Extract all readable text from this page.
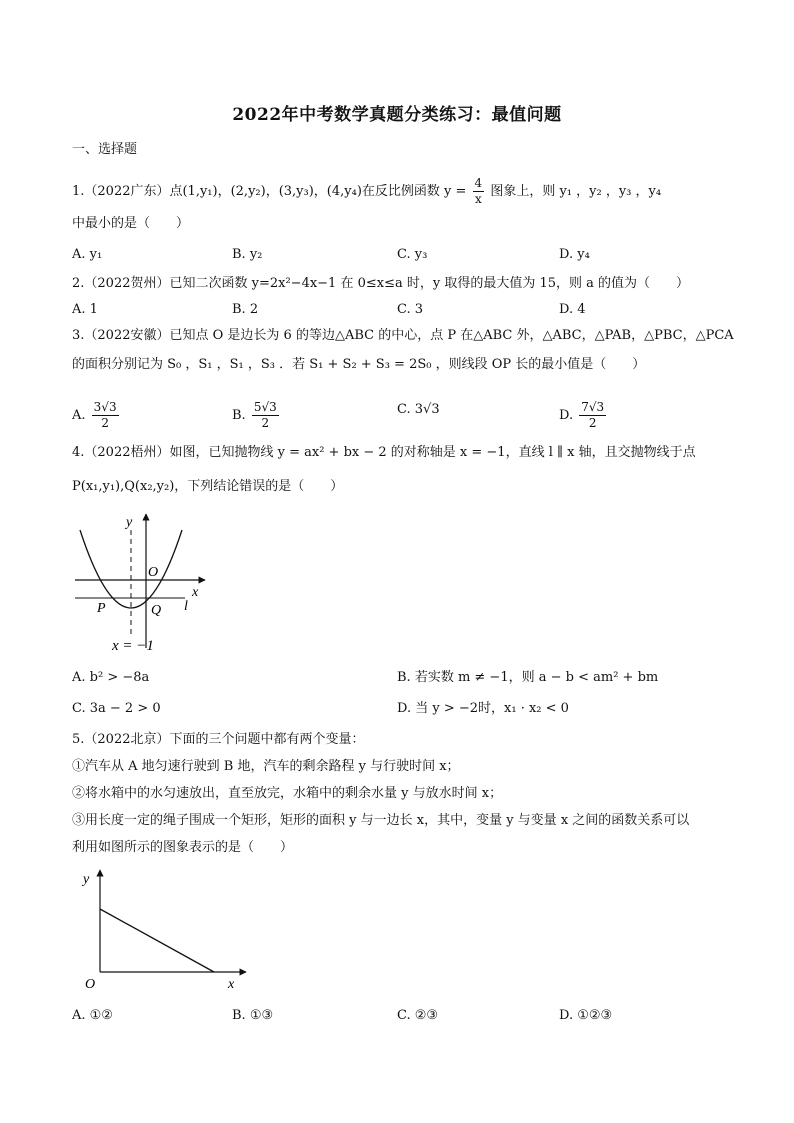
2022年中考数学真题分类练习：最值问题
一、选择题
1.（2022广东）点(1,y₁)，(2,y₂)，(3,y₃)，(4,y₄)在反比例函数 $y = \frac{4}{x}$ 图象上，则 y₁ ，y₂ ，y₃ ，y₄
中最小的是（　　）
A. y₁	B. y₂	C. y₃	D. y₄
2.（2022贺州）已知二次函数 y=2x²−4x−1 在 0≤x≤a 时，y 取得的最大值为 15，则 a 的值为（　　）
A. 1	B. 2	C. 3	D. 4
3.（2022安徽）已知点 O 是边长为 6 的等边△ABC 的中心，点 P 在△ABC 外，△ABC，△PAB，△PBC，△PCA
的面积分别记为 S₀ ，S₁ ，S₁ ，S₃ ．若 S₁ + S₂ + S₃ = 2S₀ ，则线段 OP 长的最小值是（　　）
A. $\frac{3√3}{2}$	B. $\frac{5√3}{2}$	C. 3√3	D. $\frac{7√3}{2}$
4.（2022梧州）如图，已知抛物线 y = ax² + bx − 2 的对称轴是 x = −1，直线 l ∥ x 轴，且交抛物线于点
P(x₁,y₁),Q(x₂,y₂)，下列结论错误的是（　　）
y
x
O
P	Q l
x = −1
A. b² > −8a	B. 若实数 m ≠ −1，则 a − b < am² + bm
C. 3a − 2 > 0	D. 当 y > −2时，x₁ · x₂ < 0
5.（2022北京）下面的三个问题中都有两个变量：
①汽车从 A 地匀速行驶到 B 地，汽车的剩余路程 y 与行驶时间 x；
②将水箱中的水匀速放出，直至放完，水箱中的剩余水量 y 与放水时间 x；
③用长度一定的绳子围成一个矩形，矩形的面积 y 与一边长 x，其中，变量 y 与变量 x 之间的函数关系可以
利用如图所示的图象表示的是（　　）
y
x
O
A. ①②	B. ①③	C. ②③	D. ①②③
